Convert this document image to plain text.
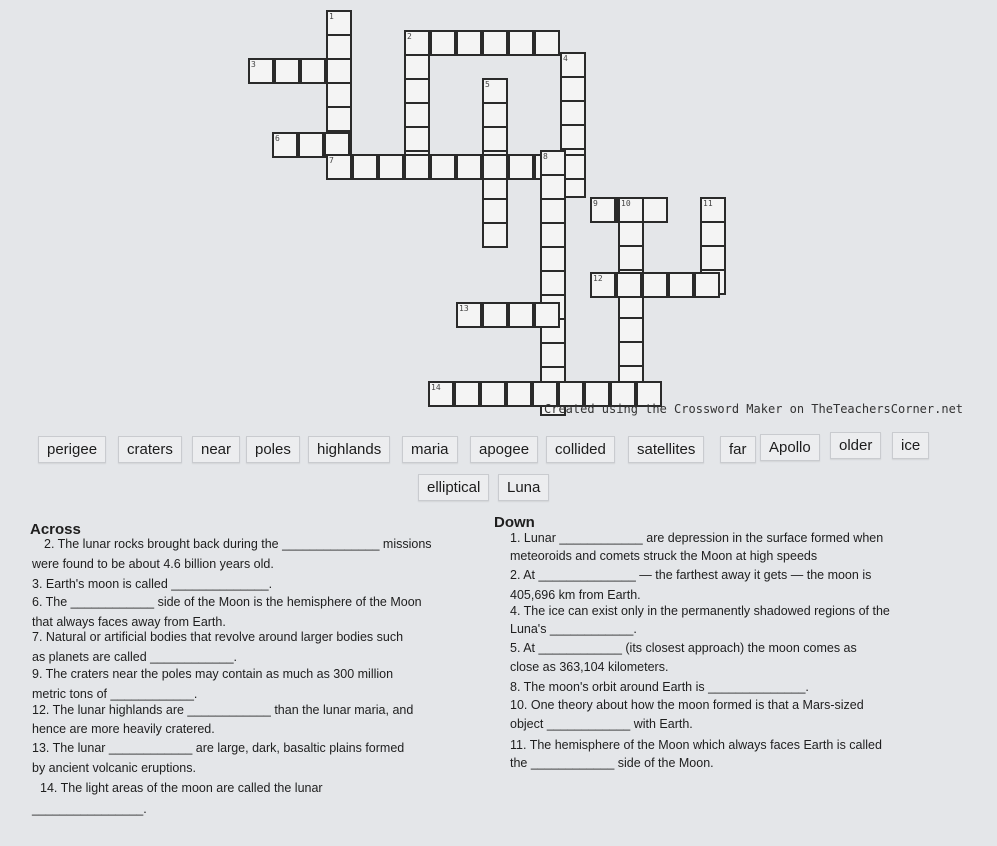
1
2
3
4
5
6
7	8
9	10	11
12
13
14
Created using the Crossword Maker on TheTeachersCorner.net
perigee	craters	near	poles	highlands	maria	apogee	collided	satellites	far	Apollo	older	ice
elliptical	Luna
Across	Down
2. The lunar rocks brought back during the ______________ missions
were found to be about 4.6 billion years old.
3. Earth's moon is called ______________.
6. The ____________ side of the Moon is the hemisphere of the Moon
that always faces away from Earth.
7. Natural or artificial bodies that revolve around larger bodies such
as planets are called ____________.
9. The craters near the poles may contain as much as 300 million
metric tons of ____________.
12. The lunar highlands are ____________ than the lunar maria, and
hence are more heavily cratered.
13. The lunar ____________ are large, dark, basaltic plains formed
by ancient volcanic eruptions.
14. The light areas of the moon are called the lunar
________________.
1. Lunar ____________ are depression in the surface formed when
meteoroids and comets struck the Moon at high speeds
2. At ______________ — the farthest away it gets — the moon is
405,696 km from Earth.
4. The ice can exist only in the permanently shadowed regions of the
Luna's ____________.
5. At ____________ (its closest approach) the moon comes as
close as 363,104 kilometers.
8. The moon's orbit around Earth is ______________.
10. One theory about how the moon formed is that a Mars-sized
object ____________ with Earth.
11. The hemisphere of the Moon which always faces Earth is called
the ____________ side of the Moon.
